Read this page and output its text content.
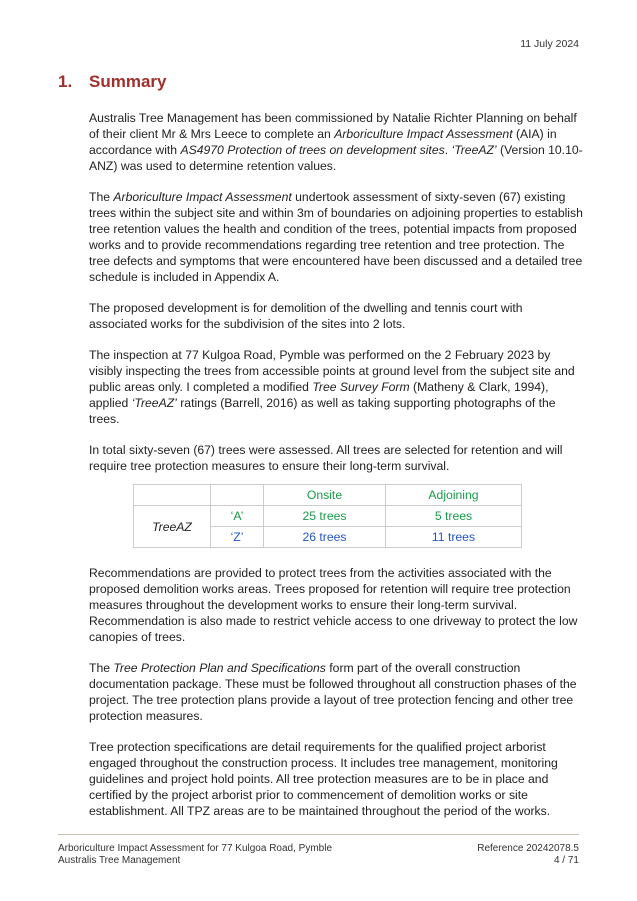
11 July 2024
1. Summary

Australis Tree Management has been commissioned by Natalie Richter Planning on behalf of their client Mr & Mrs Leece to complete an Arboriculture Impact Assessment (AIA) in accordance with AS4970 Protection of trees on development sites. ‘TreeAZ’ (Version 10.10-ANZ) was used to determine retention values.

The Arboriculture Impact Assessment undertook assessment of sixty-seven (67) existing trees within the subject site and within 3m of boundaries on adjoining properties to establish tree retention values the health and condition of the trees, potential impacts from proposed works and to provide recommendations regarding tree retention and tree protection. The tree defects and symptoms that were encountered have been discussed and a detailed tree schedule is included in Appendix A.

The proposed development is for demolition of the dwelling and tennis court with associated works for the subdivision of the sites into 2 lots.

The inspection at 77 Kulgoa Road, Pymble was performed on the 2 February 2023 by visibly inspecting the trees from accessible points at ground level from the subject site and public areas only. I completed a modified Tree Survey Form (Matheny & Clark, 1994), applied ‘TreeAZ’ ratings (Barrell, 2016) as well as taking supporting photographs of the trees.

In total sixty-seven (67) trees were assessed. All trees are selected for retention and will require tree protection measures to ensure their long-term survival.

		Onsite	Adjoining
TreeAZ	‘A’	25 trees	5 trees
	‘Z’	26 trees	11 trees

Recommendations are provided to protect trees from the activities associated with the proposed demolition works areas. Trees proposed for retention will require tree protection measures throughout the development works to ensure their long-term survival. Recommendation is also made to restrict vehicle access to one driveway to protect the low canopies of trees.

The Tree Protection Plan and Specifications form part of the overall construction documentation package. These must be followed throughout all construction phases of the project. The tree protection plans provide a layout of tree protection fencing and other tree protection measures.

Tree protection specifications are detail requirements for the qualified project arborist engaged throughout the construction process. It includes tree management, monitoring guidelines and project hold points. All tree protection measures are to be in place and certified by the project arborist prior to commencement of demolition works or site establishment. All TPZ areas are to be maintained throughout the period of the works.

Arboriculture Impact Assessment for 77 Kulgoa Road, Pymble
Australis Tree Management
Reference 20242078.5
4 / 71
